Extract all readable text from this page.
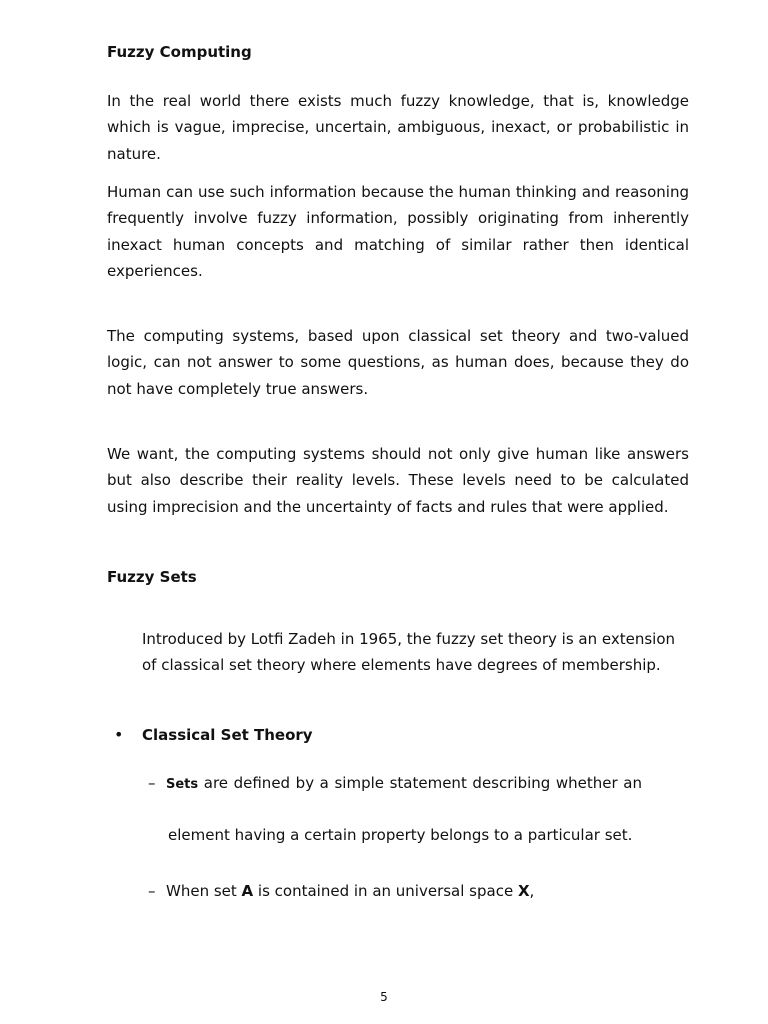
Fuzzy Computing

In the real world there exists much fuzzy knowledge, that is, knowledge which is vague, imprecise, uncertain, ambiguous, inexact, or probabilistic in nature.

Human can use such information because the human thinking and reasoning frequently involve fuzzy information, possibly originating from inherently inexact human concepts and matching of similar rather then identical experiences.

The computing systems, based upon classical set theory and two-valued logic, can not answer to some questions, as human does, because they do not have completely true answers.

We want, the computing systems should not only give human like answers but also describe their reality levels. These levels need to be calculated using imprecision and the uncertainty of facts and rules that were applied.

Fuzzy Sets

Introduced by Lotfi Zadeh in 1965, the fuzzy set theory is an extension of classical set theory where elements have degrees of membership.

• Classical Set Theory

– Sets are defined by a simple statement describing whether an

element having a certain property belongs to a particular set.

– When set A is contained in an universal space X,

5
